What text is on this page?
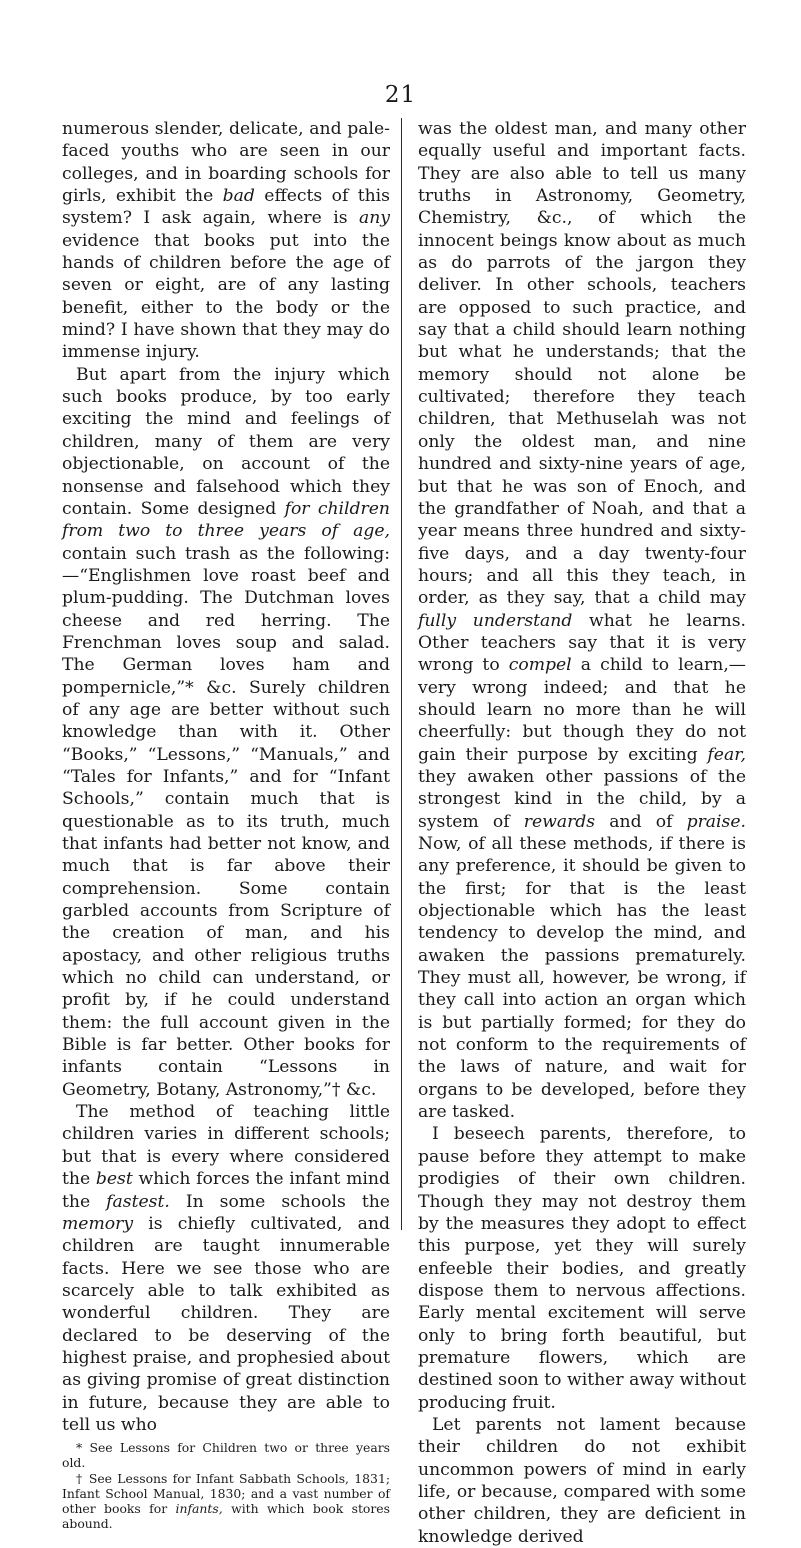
21

numerous slender, delicate, and pale-faced youths who are seen in our colleges, and in boarding schools for girls, exhibit the bad effects of this system? I ask again, where is any evidence that books put into the hands of children before the age of seven or eight, are of any lasting benefit, either to the body or the mind? I have shown that they may do immense injury.

But apart from the injury which such books produce, by too early exciting the mind and feelings of children, many of them are very objectionable, on account of the nonsense and falsehood which they contain. Some designed for children from two to three years of age, contain such trash as the following:—“Englishmen love roast beef and plum-pudding. The Dutchman loves cheese and red herring. The Frenchman loves soup and salad. The German loves ham and pompernicle,”* &c. Surely children of any age are better without such knowledge than with it. Other “Books,” “Lessons,” “Manuals,” and “Tales for Infants,” and for “Infant Schools,” contain much that is questionable as to its truth, much that infants had better not know, and much that is far above their comprehension. Some contain garbled accounts from Scripture of the creation of man, and his apostacy, and other religious truths which no child can understand, or profit by, if he could understand them: the full account given in the Bible is far better. Other books for infants contain “Lessons in Geometry, Botany, Astronomy,”† &c.

The method of teaching little children varies in different schools; but that is every where considered the best which forces the infant mind the fastest. In some schools the memory is chiefly cultivated, and children are taught innumerable facts. Here we see those who are scarcely able to talk exhibited as wonderful children. They are declared to be deserving of the highest praise, and prophesied about as giving promise of great distinction in future, because they are able to tell us who

* See Lessons for Children two or three years old.

† See Lessons for Infant Sabbath Schools, 1831; Infant School Manual, 1830; and a vast number of other books for infants, with which book stores abound.

was the oldest man, and many other equally useful and important facts. They are also able to tell us many truths in Astronomy, Geometry, Chemistry, &c., of which the innocent beings know about as much as do parrots of the jargon they deliver. In other schools, teachers are opposed to such practice, and say that a child should learn nothing but what he understands; that the memory should not alone be cultivated; therefore they teach children, that Methuselah was not only the oldest man, and nine hundred and sixty-nine years of age, but that he was son of Enoch, and the grandfather of Noah, and that a year means three hundred and sixty-five days, and a day twenty-four hours; and all this they teach, in order, as they say, that a child may fully understand what he learns. Other teachers say that it is very wrong to compel a child to learn,—very wrong indeed; and that he should learn no more than he will cheerfully: but though they do not gain their purpose by exciting fear, they awaken other passions of the strongest kind in the child, by a system of rewards and of praise. Now, of all these methods, if there is any preference, it should be given to the first; for that is the least objectionable which has the least tendency to develop the mind, and awaken the passions prematurely. They must all, however, be wrong, if they call into action an organ which is but partially formed; for they do not conform to the requirements of the laws of nature, and wait for organs to be developed, before they are tasked.

I beseech parents, therefore, to pause before they attempt to make prodigies of their own children. Though they may not destroy them by the measures they adopt to effect this purpose, yet they will surely enfeeble their bodies, and greatly dispose them to nervous affections. Early mental excitement will serve only to bring forth beautiful, but premature flowers, which are destined soon to wither away without producing fruit.

Let parents not lament because their children do not exhibit uncommon powers of mind in early life, or because, compared with some other children, they are deficient in knowledge derived
